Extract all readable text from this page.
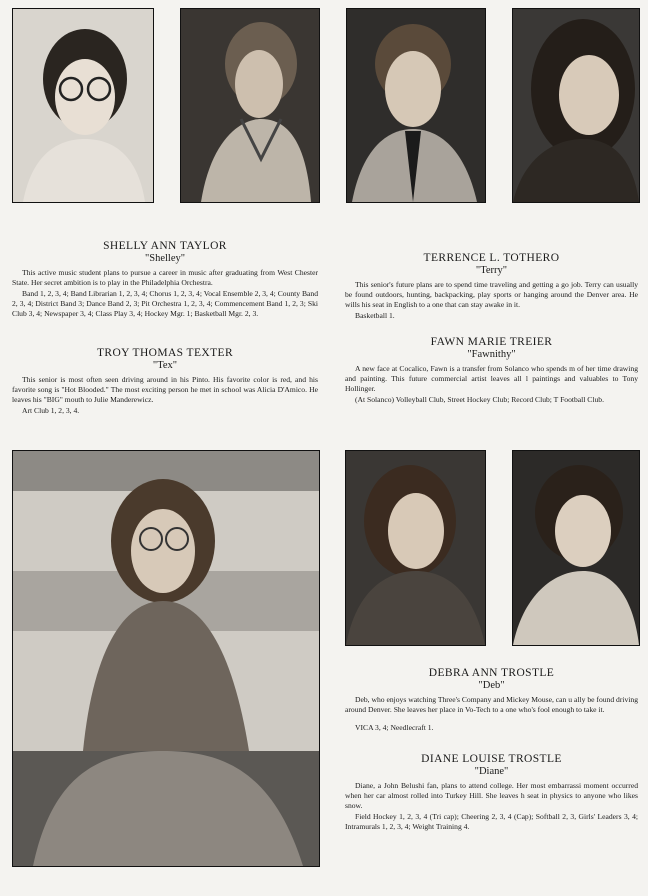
SHELLY ANN TAYLOR
"Shelley"

This active music student plans to pursue a career in music after graduating from West Chester State. Her secret ambition is to play in the Philadelphia Orchestra.

Band 1, 2, 3, 4; Band Librarian 1, 2, 3, 4; Chorus 1, 2, 3, 4; Vocal Ensemble 2, 3, 4; County Band 2, 3, 4; District Band 3; Dance Band 2, 3; Pit Orchestra 1, 2, 3, 4; Commencement Band 1, 2, 3; Ski Club 3, 4; Newspaper 3, 4; Class Play 3, 4; Hockey Mgr. 1; Basketball Mgr. 2, 3.

TROY THOMAS TEXTER
"Tex"

This senior is most often seen driving around in his Pinto. His favorite color is red, and his favorite song is "Hot Blooded." The most exciting person he met in school was Alicia D'Amico. He leaves his "BIG" mouth to Julie Manderewicz.

Art Club 1, 2, 3, 4.

TERRENCE L. TOTHERO
"Terry"

This senior's future plans are to spend time traveling and getting a go job. Terry can usually be found outdoors, hunting, backpacking, play sports or hanging around the Denver area. He wills his seat in English to a one that can stay awake in it.

Basketball 1.

FAWN MARIE TREIER
"Fawnithy"

A new face at Cocalico, Fawn is a transfer from Solanco who spends m of her time drawing and painting. This future commercial artist leaves all l paintings and valuables to Tony Hollinger.

(At Solanco) Volleyball Club, Street Hockey Club; Record Club; T Football Club.

DEBRA ANN TROSTLE
"Deb"

Deb, who enjoys watching Three's Company and Mickey Mouse, can u ally be found driving around Denver. She leaves her place in Vo-Tech to a one who's fool enough to take it.

VICA 3, 4; Needlecraft 1.

DIANE LOUISE TROSTLE
"Diane"

Diane, a John Belushi fan, plans to attend college. Her most embarrassi moment occurred when her car almost rolled into Turkey Hill. She leaves h seat in physics to anyone who likes snow.

Field Hockey 1, 2, 3, 4 (Tri cap); Cheering 2, 3, 4 (Cap); Softball 2, 3, Girls' Leaders 3, 4; Intramurals 1, 2, 3, 4; Weight Training 4.
